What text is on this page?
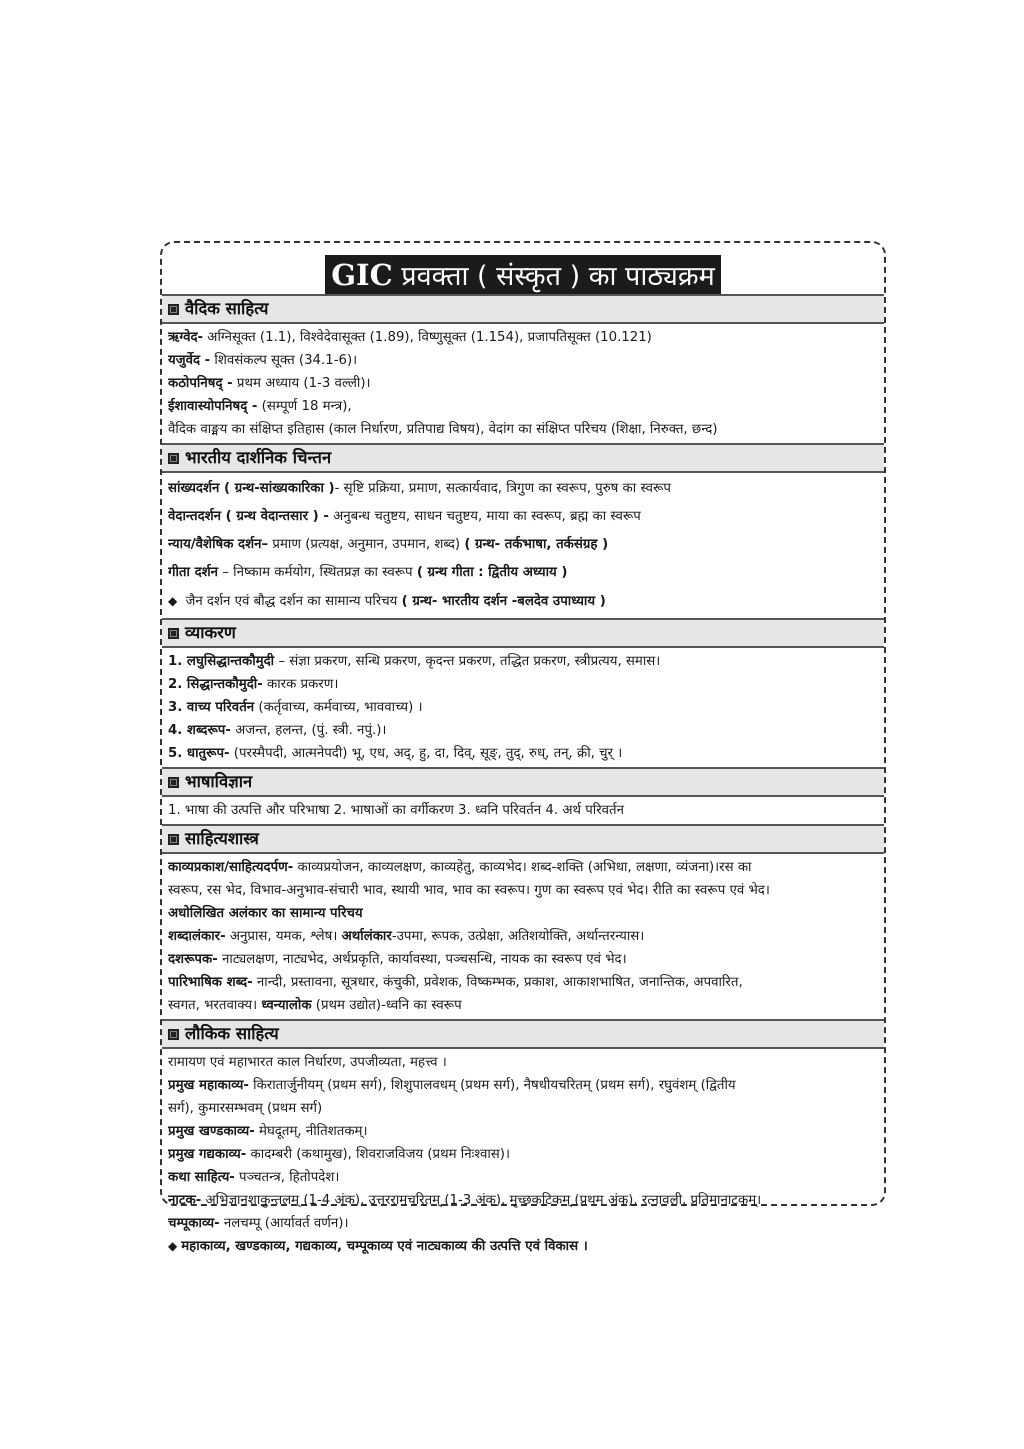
GIC प्रवक्ता ( संस्कृत ) का पाठ्यक्रम
वैदिक साहित्य
ऋग्वेद- अग्निसूक्त (1.1), विश्वेदेवासूक्त (1.89), विष्णुसूक्त (1.154), प्रजापतिसूक्त (10.121)
यजुर्वेद - शिवसंकल्प सूक्त (34.1-6)।
कठोपनिषद् - प्रथम अध्याय (1-3 वल्ली)।
ईशावास्योपनिषद् - (सम्पूर्ण 18 मन्त्र),
वैदिक वाङ्मय का संक्षिप्त इतिहास (काल निर्धारण, प्रतिपाद्य विषय), वेदांग का संक्षिप्त परिचय (शिक्षा, निरुक्त, छन्द)
भारतीय दार्शनिक चिन्तन
सांख्यदर्शन ( ग्रन्थ-सांख्यकारिका )- सृष्टि प्रक्रिया, प्रमाण, सत्कार्यवाद, त्रिगुण का स्वरूप, पुरुष का स्वरूप
वेदान्तदर्शन ( ग्रन्थ वेदान्तसार ) - अनुबन्ध चतुष्टय, साधन चतुष्टय, माया का स्वरूप, ब्रह्म का स्वरूप
न्याय/वैशेषिक दर्शन– प्रमाण (प्रत्यक्ष, अनुमान, उपमान, शब्द) ( ग्रन्थ- तर्कभाषा, तर्कसंग्रह )
गीता दर्शन – निष्काम कर्मयोग, स्थितप्रज्ञ का स्वरूप ( ग्रन्थ गीता : द्वितीय अध्याय )
◆ जैन दर्शन एवं बौद्ध दर्शन का सामान्य परिचय ( ग्रन्थ- भारतीय दर्शन -बलदेव उपाध्याय )
व्याकरण
1. लघुसिद्धान्तकौमुदी – संज्ञा प्रकरण, सन्धि प्रकरण, कृदन्त प्रकरण, तद्धित प्रकरण, स्त्रीप्रत्यय, समास।
2. सिद्धान्तकौमुदी- कारक प्रकरण।
3. वाच्य परिवर्तन (कर्तृवाच्य, कर्मवाच्य, भाववाच्य) ।
4. शब्दरूप- अजन्त, हलन्त, (पुं. स्त्री. नपुं.)।
5. धातुरूप- (परस्मैपदी, आत्मनेपदी) भू, एध, अद्, हु, दा, दिव्, सूङ्, तुद्, रुध्, तन्, क्री, चुर् ।
भाषाविज्ञान
1. भाषा की उत्पत्ति और परिभाषा 2. भाषाओं का वर्गीकरण 3. ध्वनि परिवर्तन 4. अर्थ परिवर्तन
साहित्यशास्त्र
काव्यप्रकाश/साहित्यदर्पण- काव्यप्रयोजन, काव्यलक्षण, काव्यहेतु, काव्यभेद। शब्द-शक्ति (अभिधा, लक्षणा, व्यंजना)।रस का
स्वरूप, रस भेद, विभाव-अनुभाव-संचारी भाव, स्थायी भाव, भाव का स्वरूप। गुण का स्वरूप एवं भेद। रीति का स्वरूप एवं भेद।
अधोलिखित अलंकार का सामान्य परिचय
शब्दालंकार- अनुप्रास, यमक, श्लेष। अर्थालंकार-उपमा, रूपक, उत्प्रेक्षा, अतिशयोक्ति, अर्थान्तरन्यास।
दशरूपक- नाट्यलक्षण, नाट्यभेद, अर्थप्रकृति, कार्यावस्था, पञ्चसन्धि, नायक का स्वरूप एवं भेद।
पारिभाषिक शब्द- नान्दी, प्रस्तावना, सूत्रधार, कंचुकी, प्रवेशक, विष्कम्भक, प्रकाश, आकाशभाषित, जनान्तिक, अपवारित,
स्वगत, भरतवाक्य। ध्वन्यालोक (प्रथम उद्योत)-ध्वनि का स्वरूप
लौकिक साहित्य
रामायण एवं महाभारत काल निर्धारण, उपजीव्यता, महत्त्व ।
प्रमुख महाकाव्य- किरातार्जुनीयम् (प्रथम सर्ग), शिशुपालवधम् (प्रथम सर्ग), नैषधीयचरितम् (प्रथम सर्ग), रघुवंशम् (द्वितीय
सर्ग), कुमारसम्भवम् (प्रथम सर्ग)
प्रमुख खण्डकाव्य- मेघदूतम्, नीतिशतकम्।
प्रमुख गद्यकाव्य- कादम्बरी (कथामुख), शिवराजविजय (प्रथम निःश्वास)।
कथा साहित्य- पञ्चतन्त्र, हितोपदेश।
नाटक- अभिज्ञानशाकुन्तलम् (1-4 अंक), उत्तररामचरितम् (1-3 अंक), मृच्छकटिकम् (प्रथम अंक), रत्नावली, प्रतिमानाटकम्।
चम्पूकाव्य- नलचम्पू (आर्यावर्त वर्णन)।
◆ महाकाव्य, खण्डकाव्य, गद्यकाव्य, चम्पूकाव्य एवं नाट्यकाव्य की उत्पत्ति एवं विकास ।
